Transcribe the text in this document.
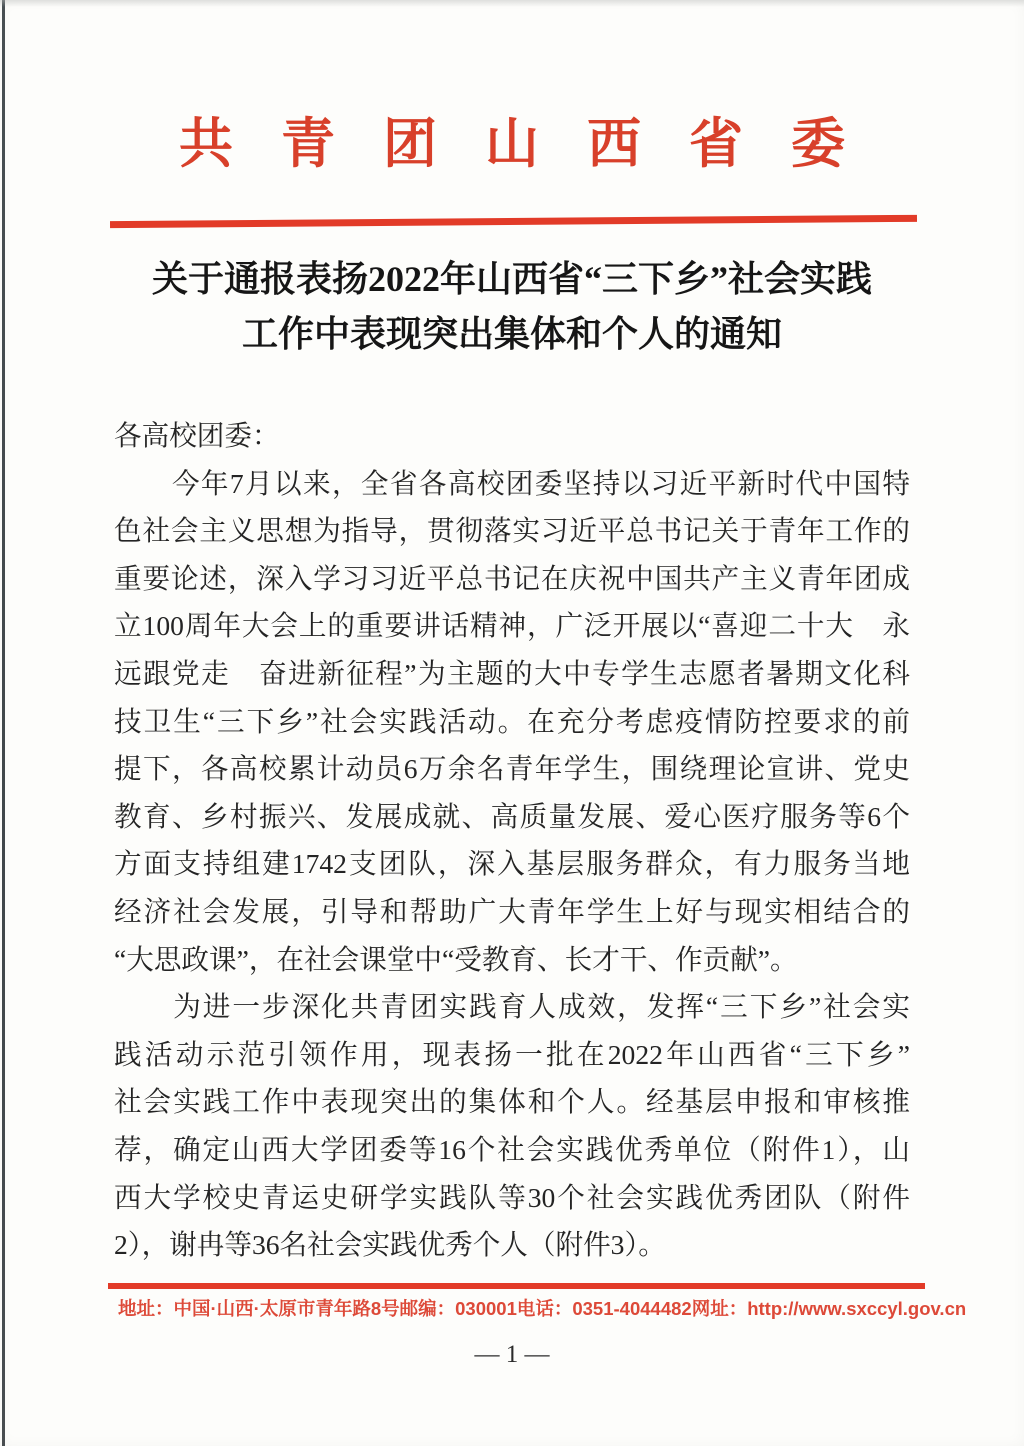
共青团山西省委
关于通报表扬2022年山西省“三下乡”社会实践
工作中表现突出集体和个人的通知
各高校团委：
　　今年7月以来，全省各高校团委坚持以习近平新时代中国特
色社会主义思想为指导，贯彻落实习近平总书记关于青年工作的
重要论述，深入学习习近平总书记在庆祝中国共产主义青年团成
立100周年大会上的重要讲话精神，广泛开展以“喜迎二十大　永
远跟党走　奋进新征程”为主题的大中专学生志愿者暑期文化科
技卫生“三下乡”社会实践活动。在充分考虑疫情防控要求的前
提下，各高校累计动员6万余名青年学生，围绕理论宣讲、党史
教育、乡村振兴、发展成就、高质量发展、爱心医疗服务等6个
方面支持组建1742支团队，深入基层服务群众，有力服务当地
经济社会发展，引导和帮助广大青年学生上好与现实相结合的
“大思政课”，在社会课堂中“受教育、长才干、作贡献”。
　　为进一步深化共青团实践育人成效，发挥“三下乡”社会实
践活动示范引领作用，现表扬一批在2022年山西省“三下乡”
社会实践工作中表现突出的集体和个人。经基层申报和审核推
荐，确定山西大学团委等16个社会实践优秀单位（附件1），山
西大学校史青运史研学实践队等30个社会实践优秀团队（附件
2），谢冉等36名社会实践优秀个人（附件3）。
地址：中国·山西·太原市青年路8号 邮编：030001 电话：0351-4044482 网址：http://www.sxccyl.gov.cn
— 1 —
